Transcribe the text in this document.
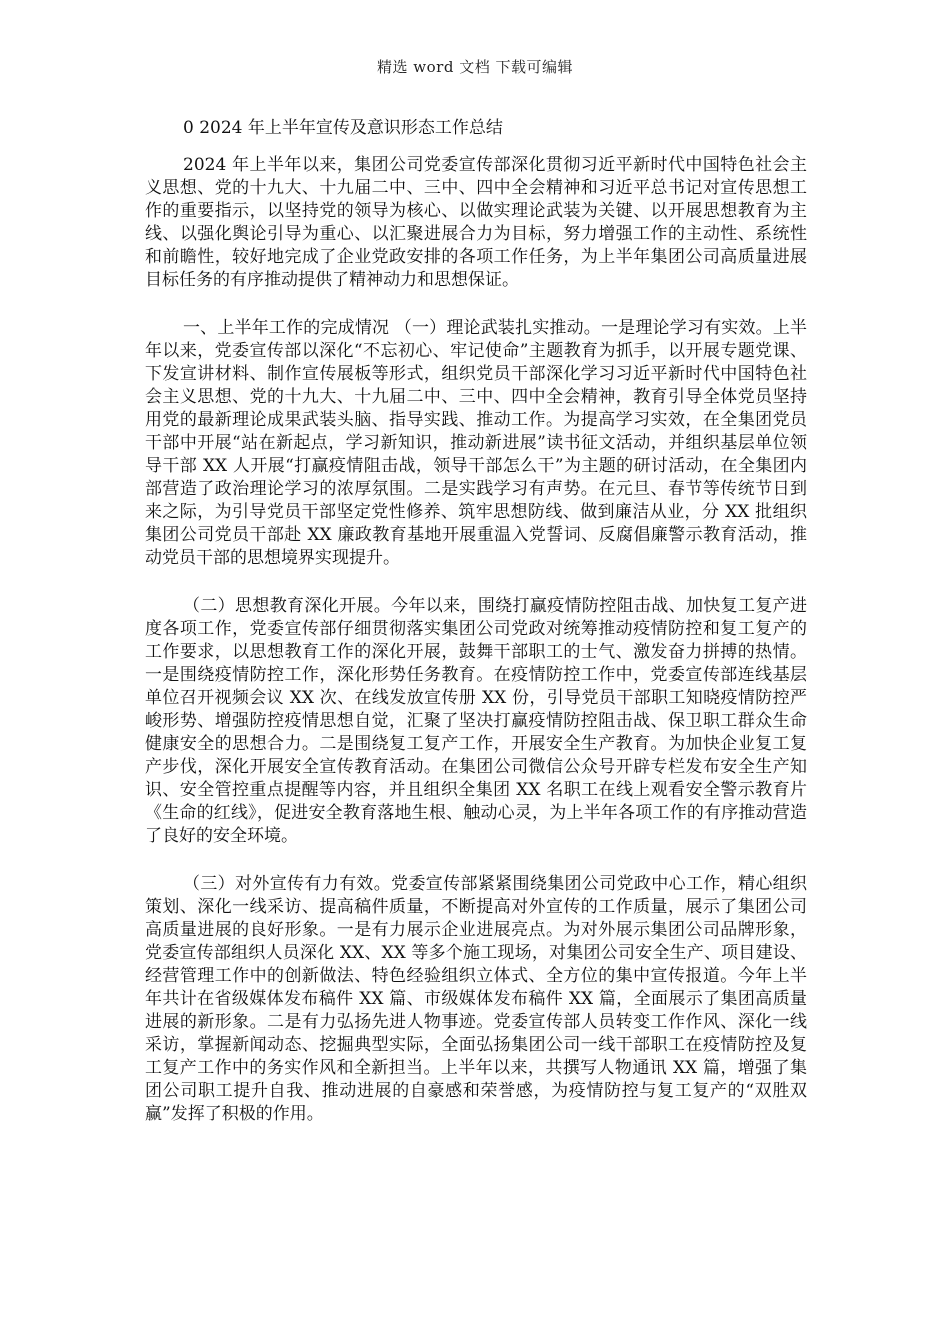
精选 word 文档 下载可编辑

0 2024 年上半年宣传及意识形态工作总结

2024 年上半年以来，集团公司党委宣传部深化贯彻习近平新时代中国特色社会主义思想、党的十九大、十九届二中、三中、四中全会精神和习近平总书记对宣传思想工作的重要指示，以坚持党的领导为核心、以做实理论武装为关键、以开展思想教育为主线、以强化舆论引导为重心、以汇聚进展合力为目标，努力增强工作的主动性、系统性和前瞻性，较好地完成了企业党政安排的各项工作任务，为上半年集团公司高质量进展目标任务的有序推动提供了精神动力和思想保证。

一、上半年工作的完成情况 （一）理论武装扎实推动。一是理论学习有实效。上半年以来，党委宣传部以深化“不忘初心、牢记使命”主题教育为抓手，以开展专题党课、下发宣讲材料、制作宣传展板等形式，组织党员干部深化学习习近平新时代中国特色社会主义思想、党的十九大、十九届二中、三中、四中全会精神，教育引导全体党员坚持用党的最新理论成果武装头脑、指导实践、推动工作。为提高学习实效，在全集团党员干部中开展“站在新起点，学习新知识，推动新进展”读书征文活动，并组织基层单位领导干部 XX 人开展“打赢疫情阻击战，领导干部怎么干”为主题的研讨活动，在全集团内部营造了政治理论学习的浓厚氛围。二是实践学习有声势。在元旦、春节等传统节日到来之际，为引导党员干部坚定党性修养、筑牢思想防线、做到廉洁从业，分 XX 批组织集团公司党员干部赴 XX 廉政教育基地开展重温入党誓词、反腐倡廉警示教育活动，推动党员干部的思想境界实现提升。

（二）思想教育深化开展。今年以来，围绕打赢疫情防控阻击战、加快复工复产进度各项工作，党委宣传部仔细贯彻落实集团公司党政对统筹推动疫情防控和复工复产的工作要求，以思想教育工作的深化开展，鼓舞干部职工的士气、激发奋力拼搏的热情。一是围绕疫情防控工作，深化形势任务教育。在疫情防控工作中，党委宣传部连线基层单位召开视频会议 XX 次、在线发放宣传册 XX 份，引导党员干部职工知晓疫情防控严峻形势、增强防控疫情思想自觉，汇聚了坚决打赢疫情防控阻击战、保卫职工群众生命健康安全的思想合力。二是围绕复工复产工作，开展安全生产教育。为加快企业复工复产步伐，深化开展安全宣传教育活动。在集团公司微信公众号开辟专栏发布安全生产知识、安全管控重点提醒等内容，并且组织全集团 XX 名职工在线上观看安全警示教育片《生命的红线》，促进安全教育落地生根、触动心灵，为上半年各项工作的有序推动营造了良好的安全环境。

（三）对外宣传有力有效。党委宣传部紧紧围绕集团公司党政中心工作，精心组织策划、深化一线采访、提高稿件质量，不断提高对外宣传的工作质量，展示了集团公司高质量进展的良好形象。一是有力展示企业进展亮点。为对外展示集团公司品牌形象，党委宣传部组织人员深化 XX、XX 等多个施工现场，对集团公司安全生产、项目建设、经营管理工作中的创新做法、特色经验组织立体式、全方位的集中宣传报道。今年上半年共计在省级媒体发布稿件 XX 篇、市级媒体发布稿件 XX 篇，全面展示了集团高质量进展的新形象。二是有力弘扬先进人物事迹。党委宣传部人员转变工作作风、深化一线采访，掌握新闻动态、挖掘典型实际，全面弘扬集团公司一线干部职工在疫情防控及复工复产工作中的务实作风和全新担当。上半年以来，共撰写人物通讯 XX 篇，增强了集团公司职工提升自我、推动进展的自豪感和荣誉感，为疫情防控与复工复产的“双胜双赢”发挥了积极的作用。
